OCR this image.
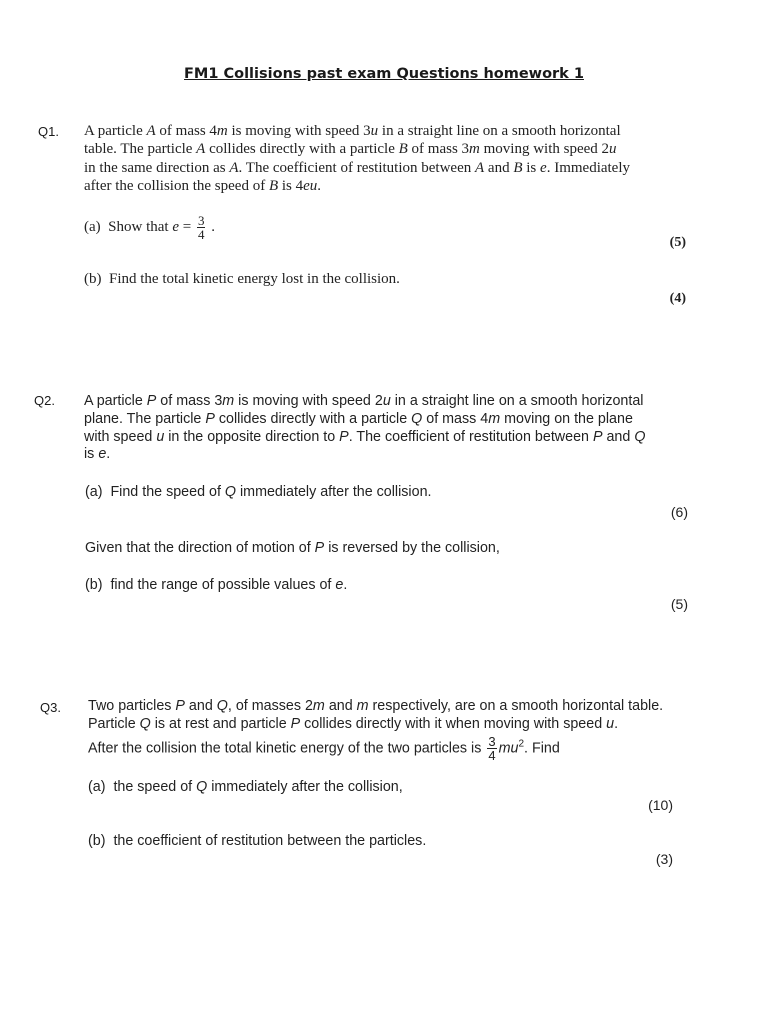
FM1 Collisions past exam Questions homework 1
Q1. A particle A of mass 4m is moving with speed 3u in a straight line on a smooth horizontal
table. The particle A collides directly with a particle B of mass 3m moving with speed 2u
in the same direction as A. The coefficient of restitution between A and B is e. Immediately
after the collision the speed of B is 4eu.
(a) Show that $e = \frac{3}{4}$ .
(5)
(b) Find the total kinetic energy lost in the collision.
(4)
Q2. A particle P of mass 3m is moving with speed 2u in a straight line on a smooth horizontal
plane. The particle P collides directly with a particle Q of mass 4m moving on the plane
with speed u in the opposite direction to P. The coefficient of restitution between P and Q
is e.
(a) Find the speed of Q immediately after the collision.
(6)
Given that the direction of motion of P is reversed by the collision,
(b) find the range of possible values of e.
(5)
Q3. Two particles P and Q, of masses 2m and m respectively, are on a smooth horizontal table.
Particle Q is at rest and particle P collides directly with it when moving with speed u.
After the collision the total kinetic energy of the two particles is $\frac{3}{4} mu^2$. Find
(a) the speed of Q immediately after the collision,
(10)
(b) the coefficient of restitution between the particles.
(3)
